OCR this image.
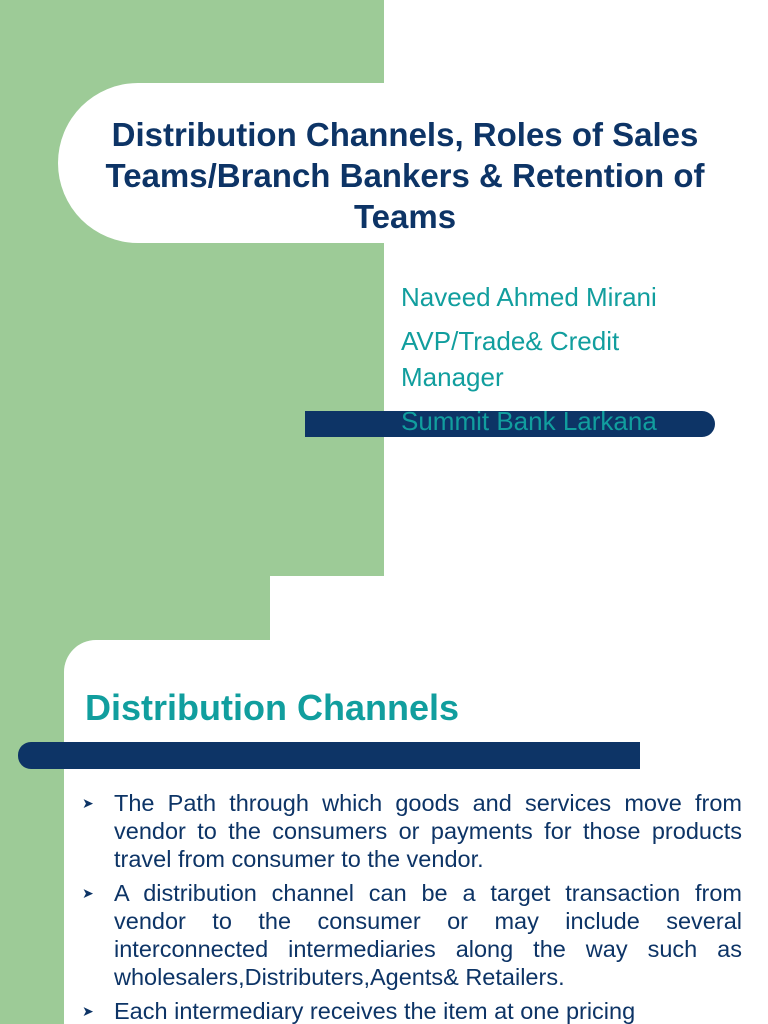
Distribution Channels, Roles of Sales Teams/Branch Bankers & Retention of Teams

Naveed Ahmed Mirani

AVP/Trade& Credit Manager

Summit Bank Larkana

Distribution Channels
➤ The Path through which goods and services move from vendor to the consumers or payments for those products travel from consumer to the vendor.
➤ A distribution channel can be a target transaction from vendor to the consumer or may include several interconnected intermediaries along the way such as wholesalers,Distributers,Agents& Retailers.
➤ Each intermediary receives the item at one pricing
